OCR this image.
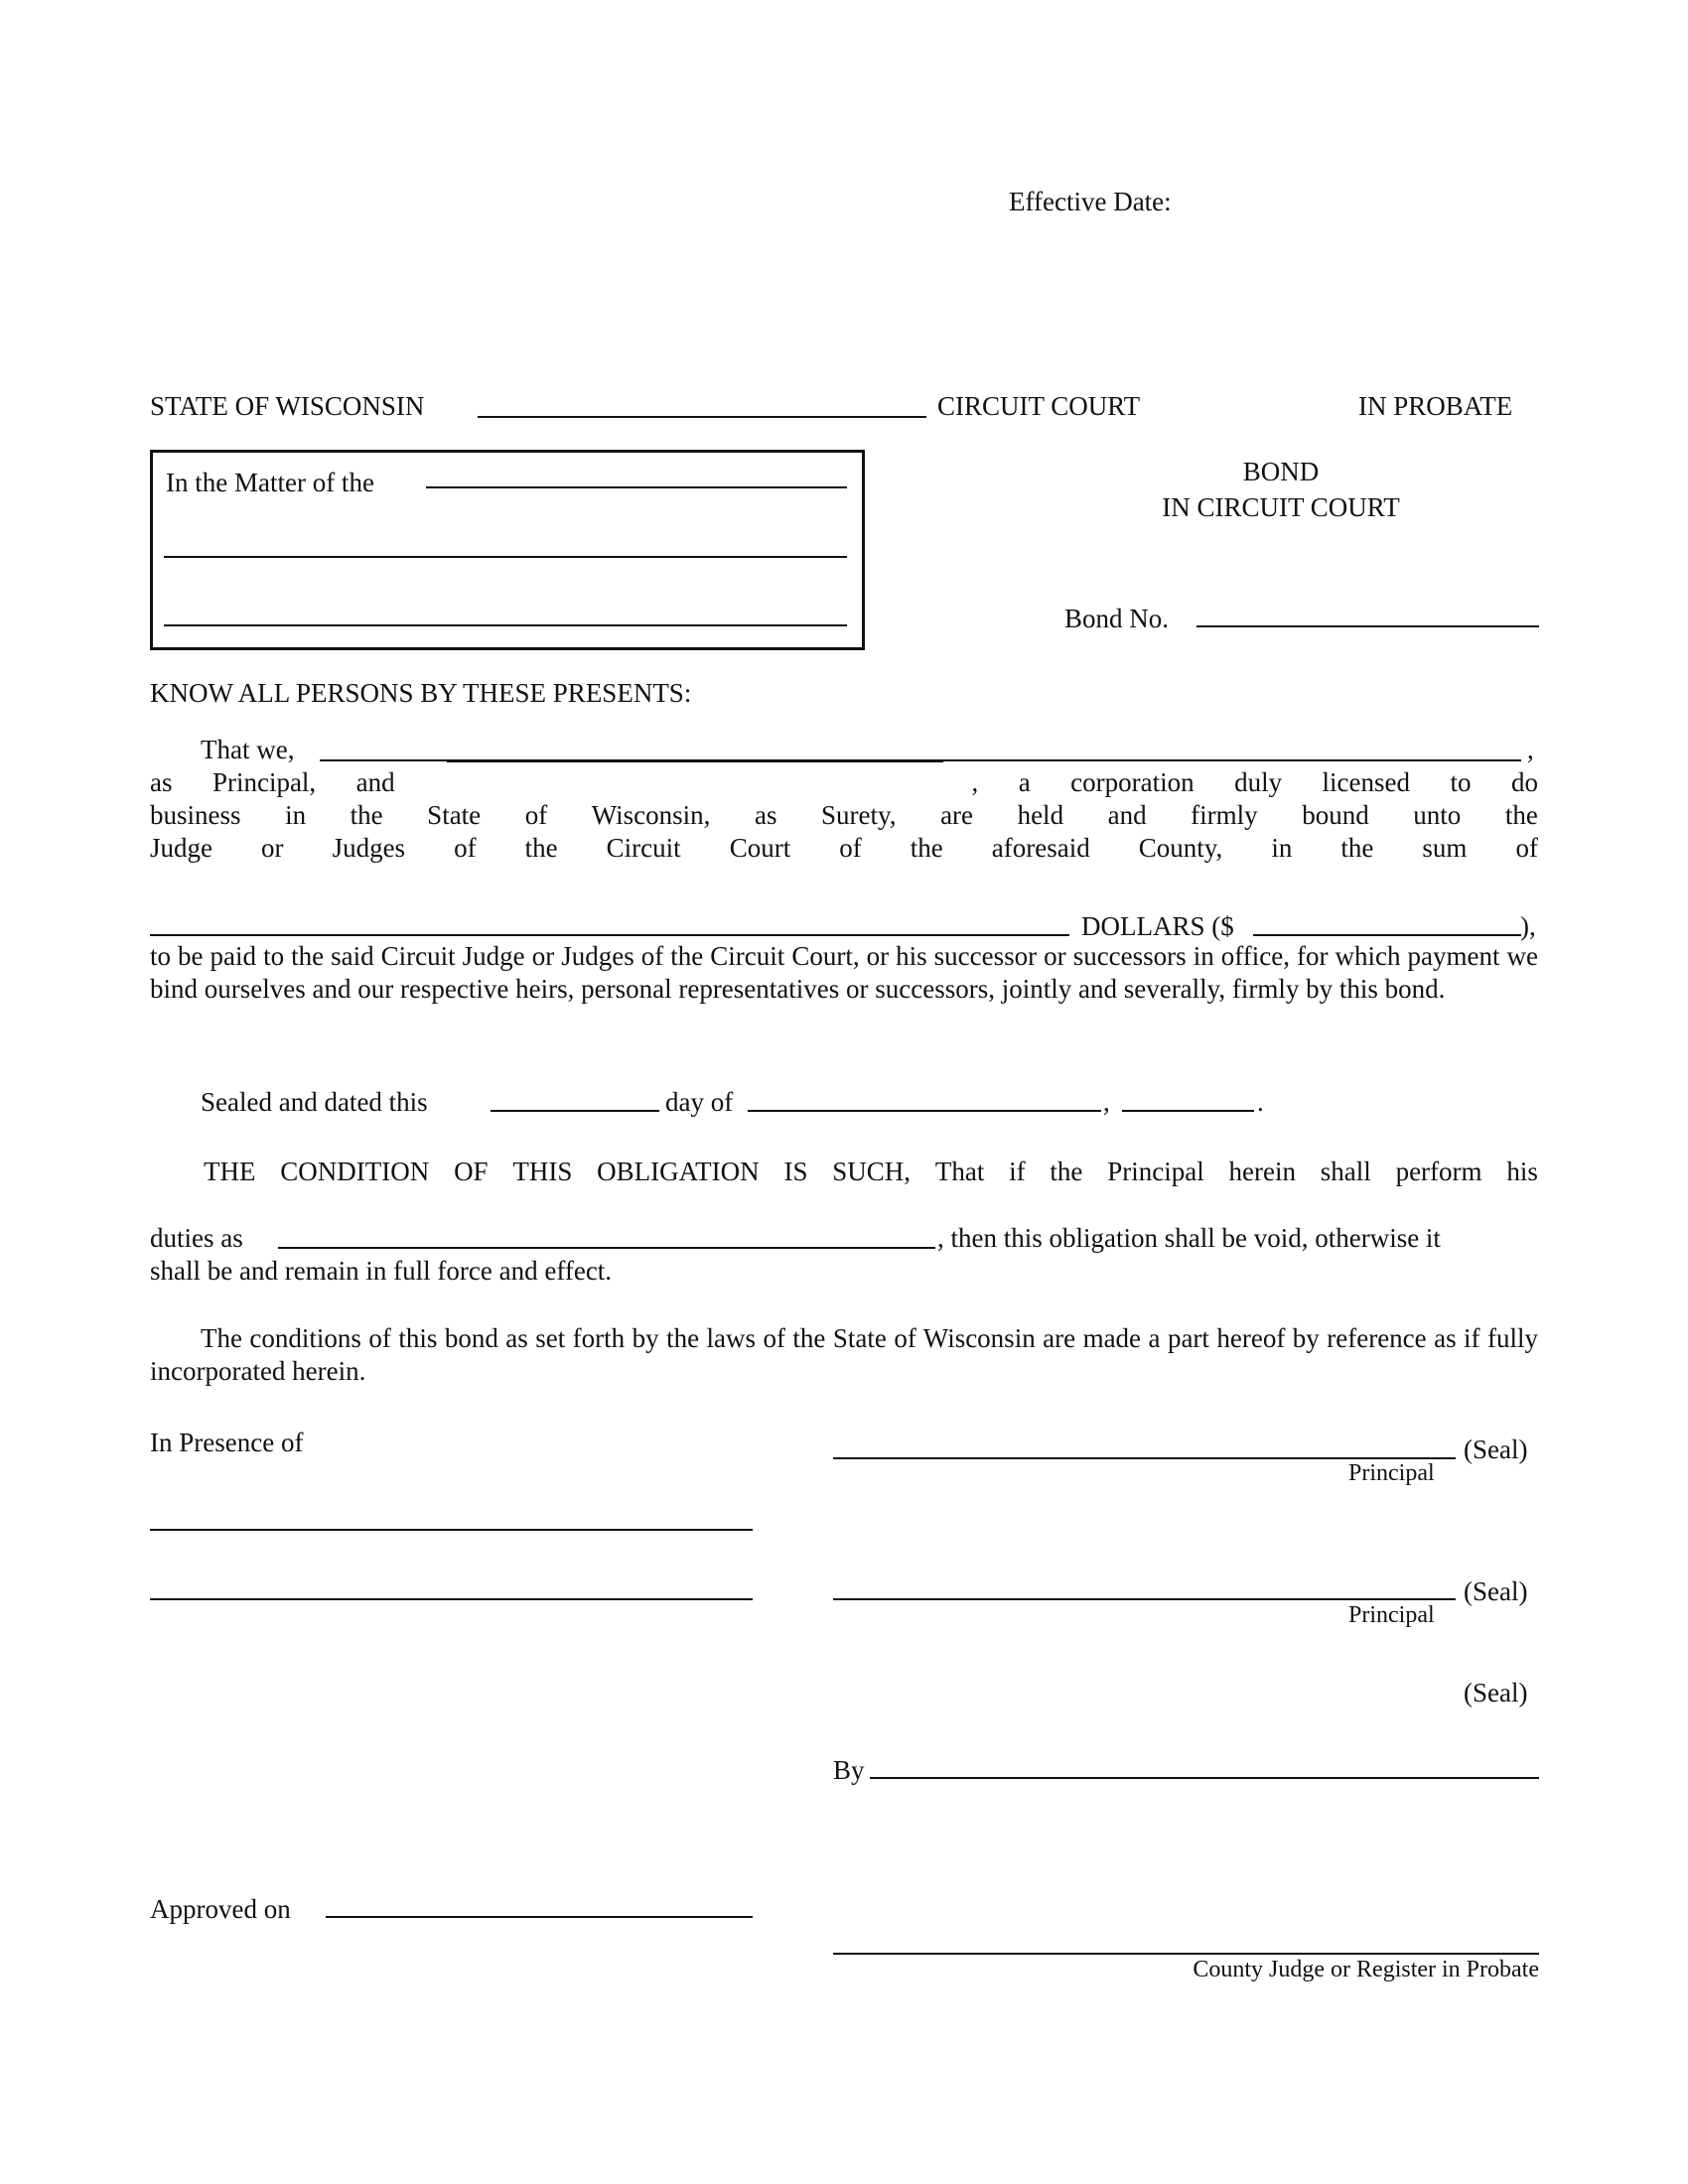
Effective Date:
STATE OF WISCONSIN	CIRCUIT COURT	IN PROBATE
In the Matter of the	BOND
IN CIRCUIT COURT
Bond No.
KNOW ALL PERSONS BY THESE PRESENTS:
That we,	,
as Principal, and	, a corporation duly licensed to do
business in the State of Wisconsin, as Surety, are held and firmly bound unto the
Judge or Judges of the Circuit Court of the aforesaid County, in the sum of
DOLLARS ($	),
to be paid to the said Circuit Judge or Judges of the Circuit Court, or his successor or successors in office, for which payment we bind ourselves and our respective heirs, personal representatives or successors, jointly and severally, firmly by this bond.
Sealed and dated this	day of	,	.
THE CONDITION OF THIS OBLIGATION IS SUCH, That if the Principal herein shall perform his
duties as	, then this obligation shall be void, otherwise it
shall be and remain in full force and effect.
The conditions of this bond as set forth by the laws of the State of Wisconsin are made a part hereof by reference as if fully incorporated herein.
In Presence of	(Seal)
Principal
(Seal)
Principal
(Seal)
By
Approved on
County Judge or Register in Probate
